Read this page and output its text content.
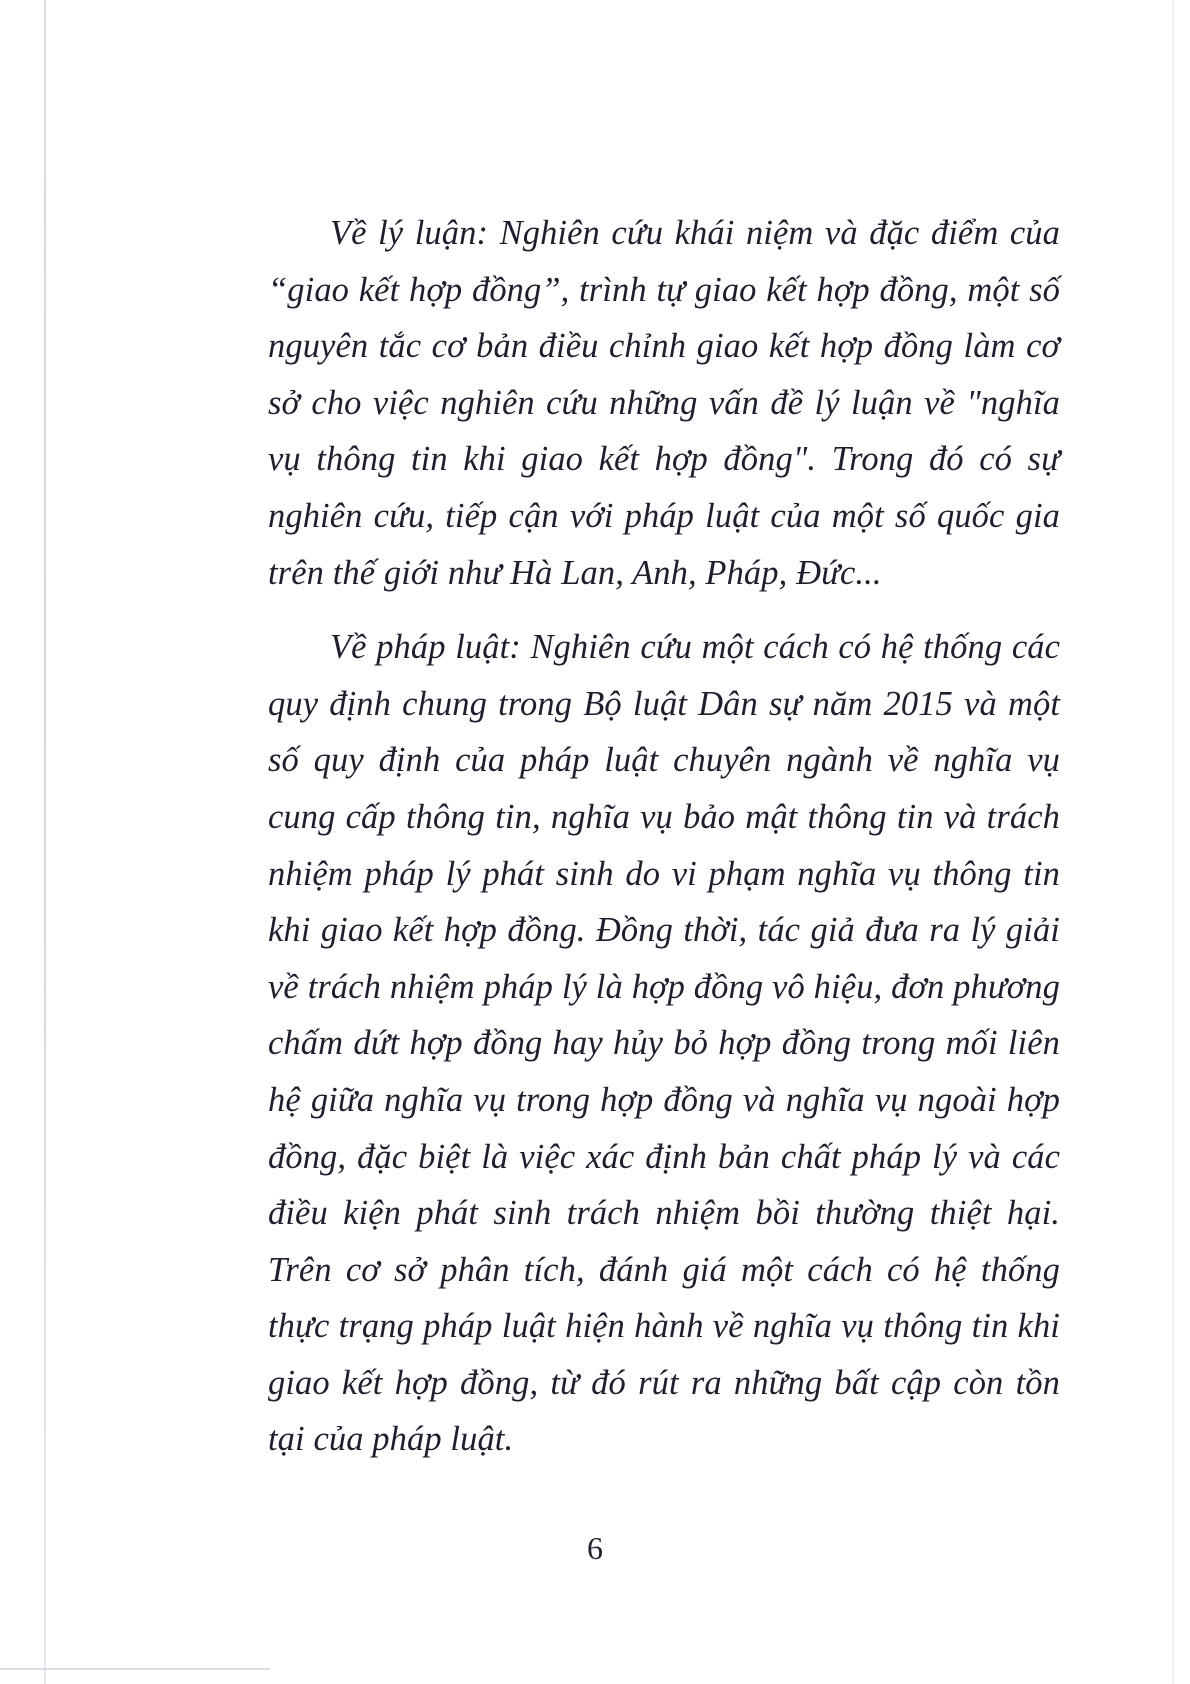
Về lý luận: Nghiên cứu khái niệm và đặc điểm của “giao kết hợp đồng”, trình tự giao kết hợp đồng, một số nguyên tắc cơ bản điều chỉnh giao kết hợp đồng làm cơ sở cho việc nghiên cứu những vấn đề lý luận về "nghĩa vụ thông tin khi giao kết hợp đồng". Trong đó có sự nghiên cứu, tiếp cận với pháp luật của một số quốc gia trên thế giới như Hà Lan, Anh, Pháp, Đức...

Về pháp luật: Nghiên cứu một cách có hệ thống các quy định chung trong Bộ luật Dân sự năm 2015 và một số quy định của pháp luật chuyên ngành về nghĩa vụ cung cấp thông tin, nghĩa vụ bảo mật thông tin và trách nhiệm pháp lý phát sinh do vi phạm nghĩa vụ thông tin khi giao kết hợp đồng. Đồng thời, tác giả đưa ra lý giải về trách nhiệm pháp lý là hợp đồng vô hiệu, đơn phương chấm dứt hợp đồng hay hủy bỏ hợp đồng trong mối liên hệ giữa nghĩa vụ trong hợp đồng và nghĩa vụ ngoài hợp đồng, đặc biệt là việc xác định bản chất pháp lý và các điều kiện phát sinh trách nhiệm bồi thường thiệt hại. Trên cơ sở phân tích, đánh giá một cách có hệ thống thực trạng pháp luật hiện hành về nghĩa vụ thông tin khi giao kết hợp đồng, từ đó rút ra những bất cập còn tồn tại của pháp luật.

6
